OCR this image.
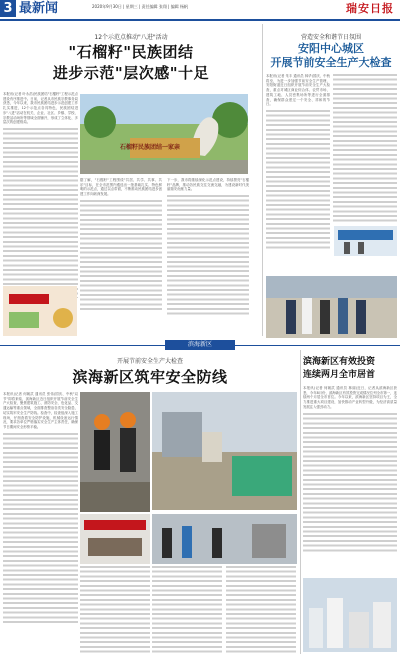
3 最新闻	2020年9月30日 | 星期三 | 责任编辑 张翔 | 编辑 杨帆	瑞安日报
12个示范点推动"八进"活动
"石榴籽"民族团结
进步示范"层次感"十足

本报讯(记者 叶永浩)民族团结"石榴籽"工程示范点建设有序推进中。日前，记者从市民族宗教事务局获悉，今年以来，我市民族团结进步示范创建工作扎实推进，12个示范点各具特色，民族团结进步"八进"活动在机关、企业、社区、乡镇、学校、宗教活动场所等领域全面铺开，形成了立体化、多层次的创建格局。

石榴籽民族团结一家亲

据了解，"石榴籽"工程围绕"共居、共学、共事、共乐"目标，在全市范围内遴选出一批基础扎实、特色鲜明的示范点，通过以点带面，不断推动民族团结进步创建工作向纵深发展。

下一步，我市将继续深化示范点建设，持续擦亮"石榴籽"品牌，推动各民族交往交流交融，为建设新时代美丽瑞安贡献力量。

营造安全和谐节日氛围
安阳中心城区
开展节前安全生产大检查

本报讯(记者 朱丰 通讯员 林华)国庆、中秋将至，为进一步加强节前安全生产管理，安阳街道近日组织开展节前安全生产大检查，重点对城区商业综合体、农贸市场、建筑工地、人员密集场所等进行全面排查，确保群众度过一个安全、祥和的节日。

滨海新区
开展节前安全生产大检查
滨海新区筑牢安全防线

本报讯(记者 何朝武 通讯员 张伟)国庆、中秋"双节"即将来临，滨海新区近日组织开展节前安全生产大检查，聚焦建筑施工、消防安全、危化品、交通运输等重点领域，全面排查整治各类安全隐患，切实筑牢安全生产防线。检查中，检查组深入施工现场，仔细查看安全防护设施、机械设备运行情况，要求各单位严格落实安全生产主体责任，确保节日期间安全形势平稳。

滨海新区有效投资
连续两月全市居首

本报讯(记者 何朝武 通讯员 林丽)近日，记者从滨海新区获悉，今年8月份，滨海新区有效投资完成情况位列全市第一，连续两个月居全市首位。今年以来，滨海新区坚持项目为王，全力推进重大项目建设，加快推动产业转型升级，为经济高质量发展注入强劲动力。
